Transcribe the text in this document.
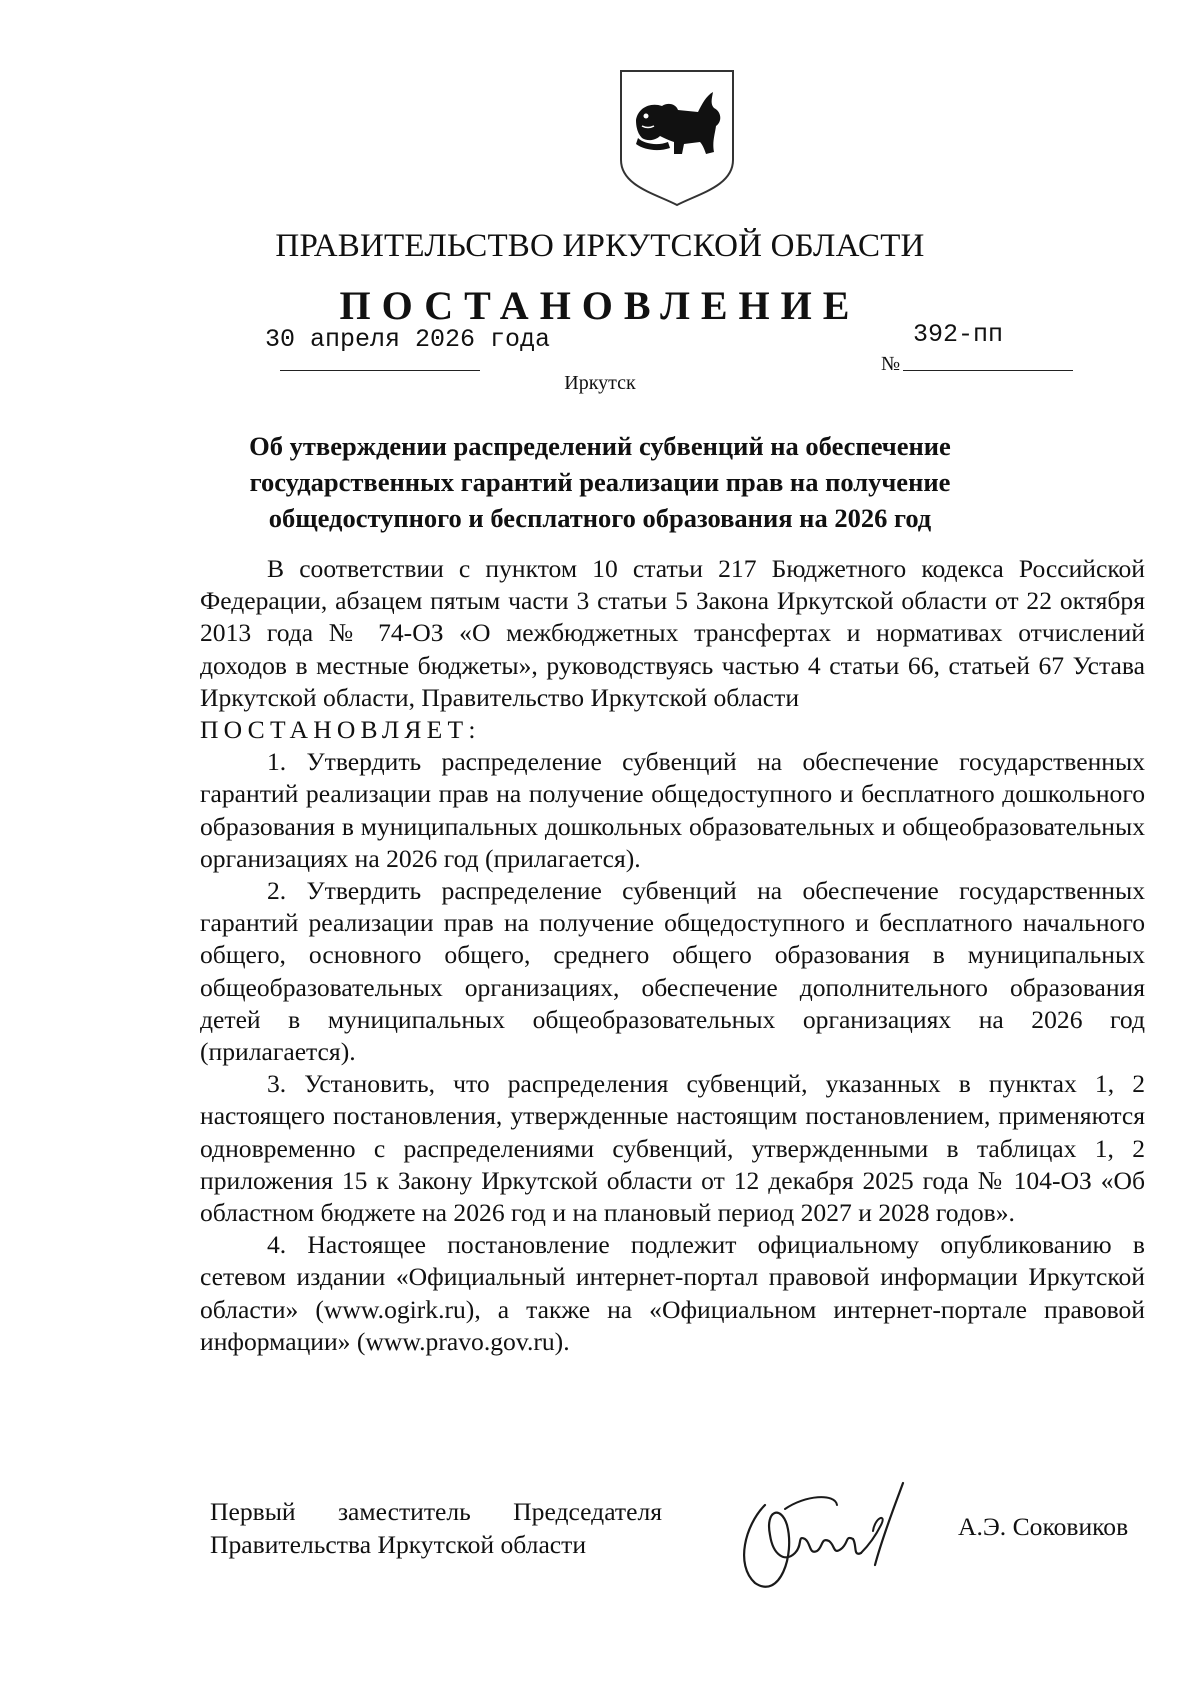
ПРАВИТЕЛЬСТВО ИРКУТСКОЙ ОБЛАСТИ
ПОСТАНОВЛЕНИЕ
30 апреля 2026 года
№
392-пп
Иркутск
Об утверждении распределений субвенций на обеспечение государственных гарантий реализации прав на получение общедоступного и бесплатного образования на 2026 год

В соответствии с пунктом 10 статьи 217 Бюджетного кодекса Российской Федерации, абзацем пятым части 3 статьи 5 Закона Иркутской области от 22 октября 2013 года № 74-ОЗ «О межбюджетных трансфертах и нормативах отчислений доходов в местные бюджеты», руководствуясь частью 4 статьи 66, статьей 67 Устава Иркутской области, Правительство Иркутской области

ПОСТАНОВЛЯЕТ:

1. Утвердить распределение субвенций на обеспечение государственных гарантий реализации прав на получение общедоступного и бесплатного дошкольного образования в муниципальных дошкольных образовательных и общеобразовательных организациях на 2026 год (прилагается).

2. Утвердить распределение субвенций на обеспечение государственных гарантий реализации прав на получение общедоступного и бесплатного начального общего, основного общего, среднего общего образования в муниципальных общеобразовательных организациях, обеспечение дополнительного образования детей в муниципальных общеобразовательных организациях на 2026 год (прилагается).

3. Установить, что распределения субвенций, указанных в пунктах 1, 2 настоящего постановления, утвержденные настоящим постановлением, применяются одновременно с распределениями субвенций, утвержденными в таблицах 1, 2 приложения 15 к Закону Иркутской области от 12 декабря 2025 года № 104-ОЗ «Об областном бюджете на 2026 год и на плановый период 2027 и 2028 годов».

4. Настоящее постановление подлежит официальному опубликованию в сетевом издании «Официальный интернет-портал правовой информации Иркутской области» (www.ogirk.ru), а также на «Официальном интернет-портале правовой информации» (www.pravo.gov.ru).

Первый заместитель Председателя
Правительства Иркутской области
А.Э. Соковиков
